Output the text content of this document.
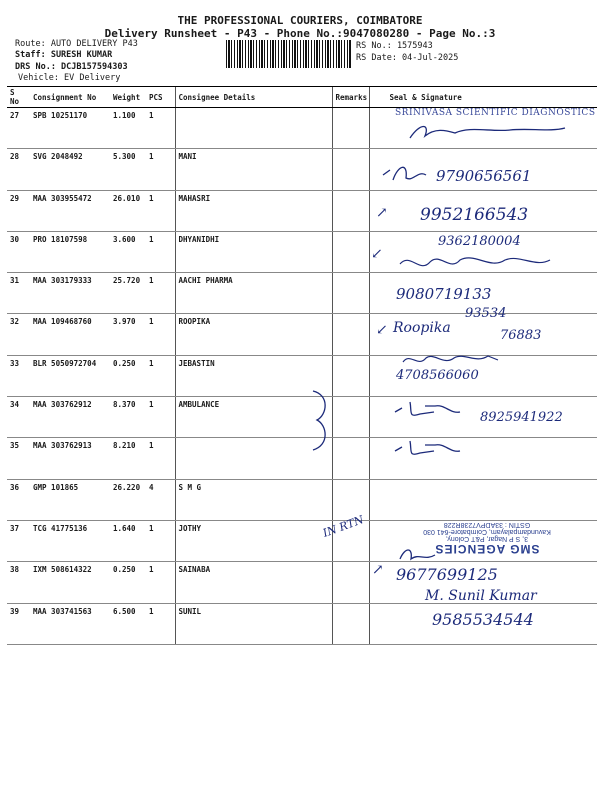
THE PROFESSIONAL COURIERS, COIMBATORE
Delivery Runsheet - P43 - Phone No.:9047080280 - Page No.:3
Route: AUTO DELIVERY P43
Staff: SURESH KUMAR
DRS No.: DCJB157594303
Vehicle: EV Delivery
RS No.: 1575943
RS Date: 04-Jul-2025
S No	Consignment No	Weight	PCS	Consignee Details	Remarks	Seal & Signature
27	SPB 10251170	1.100	1			
28	SVG 2048492	5.300	1	MANI		
29	MAA 303955472	26.010	1	MAHASRI		
30	PRO 18107598	3.600	1	DHYANIDHI		
31	MAA 303179333	25.720	1	AACHI PHARMA		
32	MAA 109468760	3.970	1	ROOPIKA		
33	BLR 5050972704	0.250	1	JEBASTIN		
34	MAA 303762912	8.370	1	AMBULANCE		
35	MAA 303762913	8.210	1			
36	GMP 101865	26.220	4	S M G		
37	TCG 41775136	1.640	1	JOTHY		
38	IXM 508614322	0.250	1	SAINABA		
39	MAA 303741563	6.500	1	SUNIL		
SRINIVASA SCIENTIFIC DIAGNOSTICS
9790656561
↗ 9952166543
9362180004
↙
9080719133
↙ Roopika
93534
76883
4708566060
8925941922
SMG AGENCIES
3, S P Nagar, P&T Colony,
Kavundampalayam, Coimbatore-641 030
GSTIN : 33ADPV7238R228
IN RTN
↗ 9677699125
M. Sunil Kumar
9585534544
